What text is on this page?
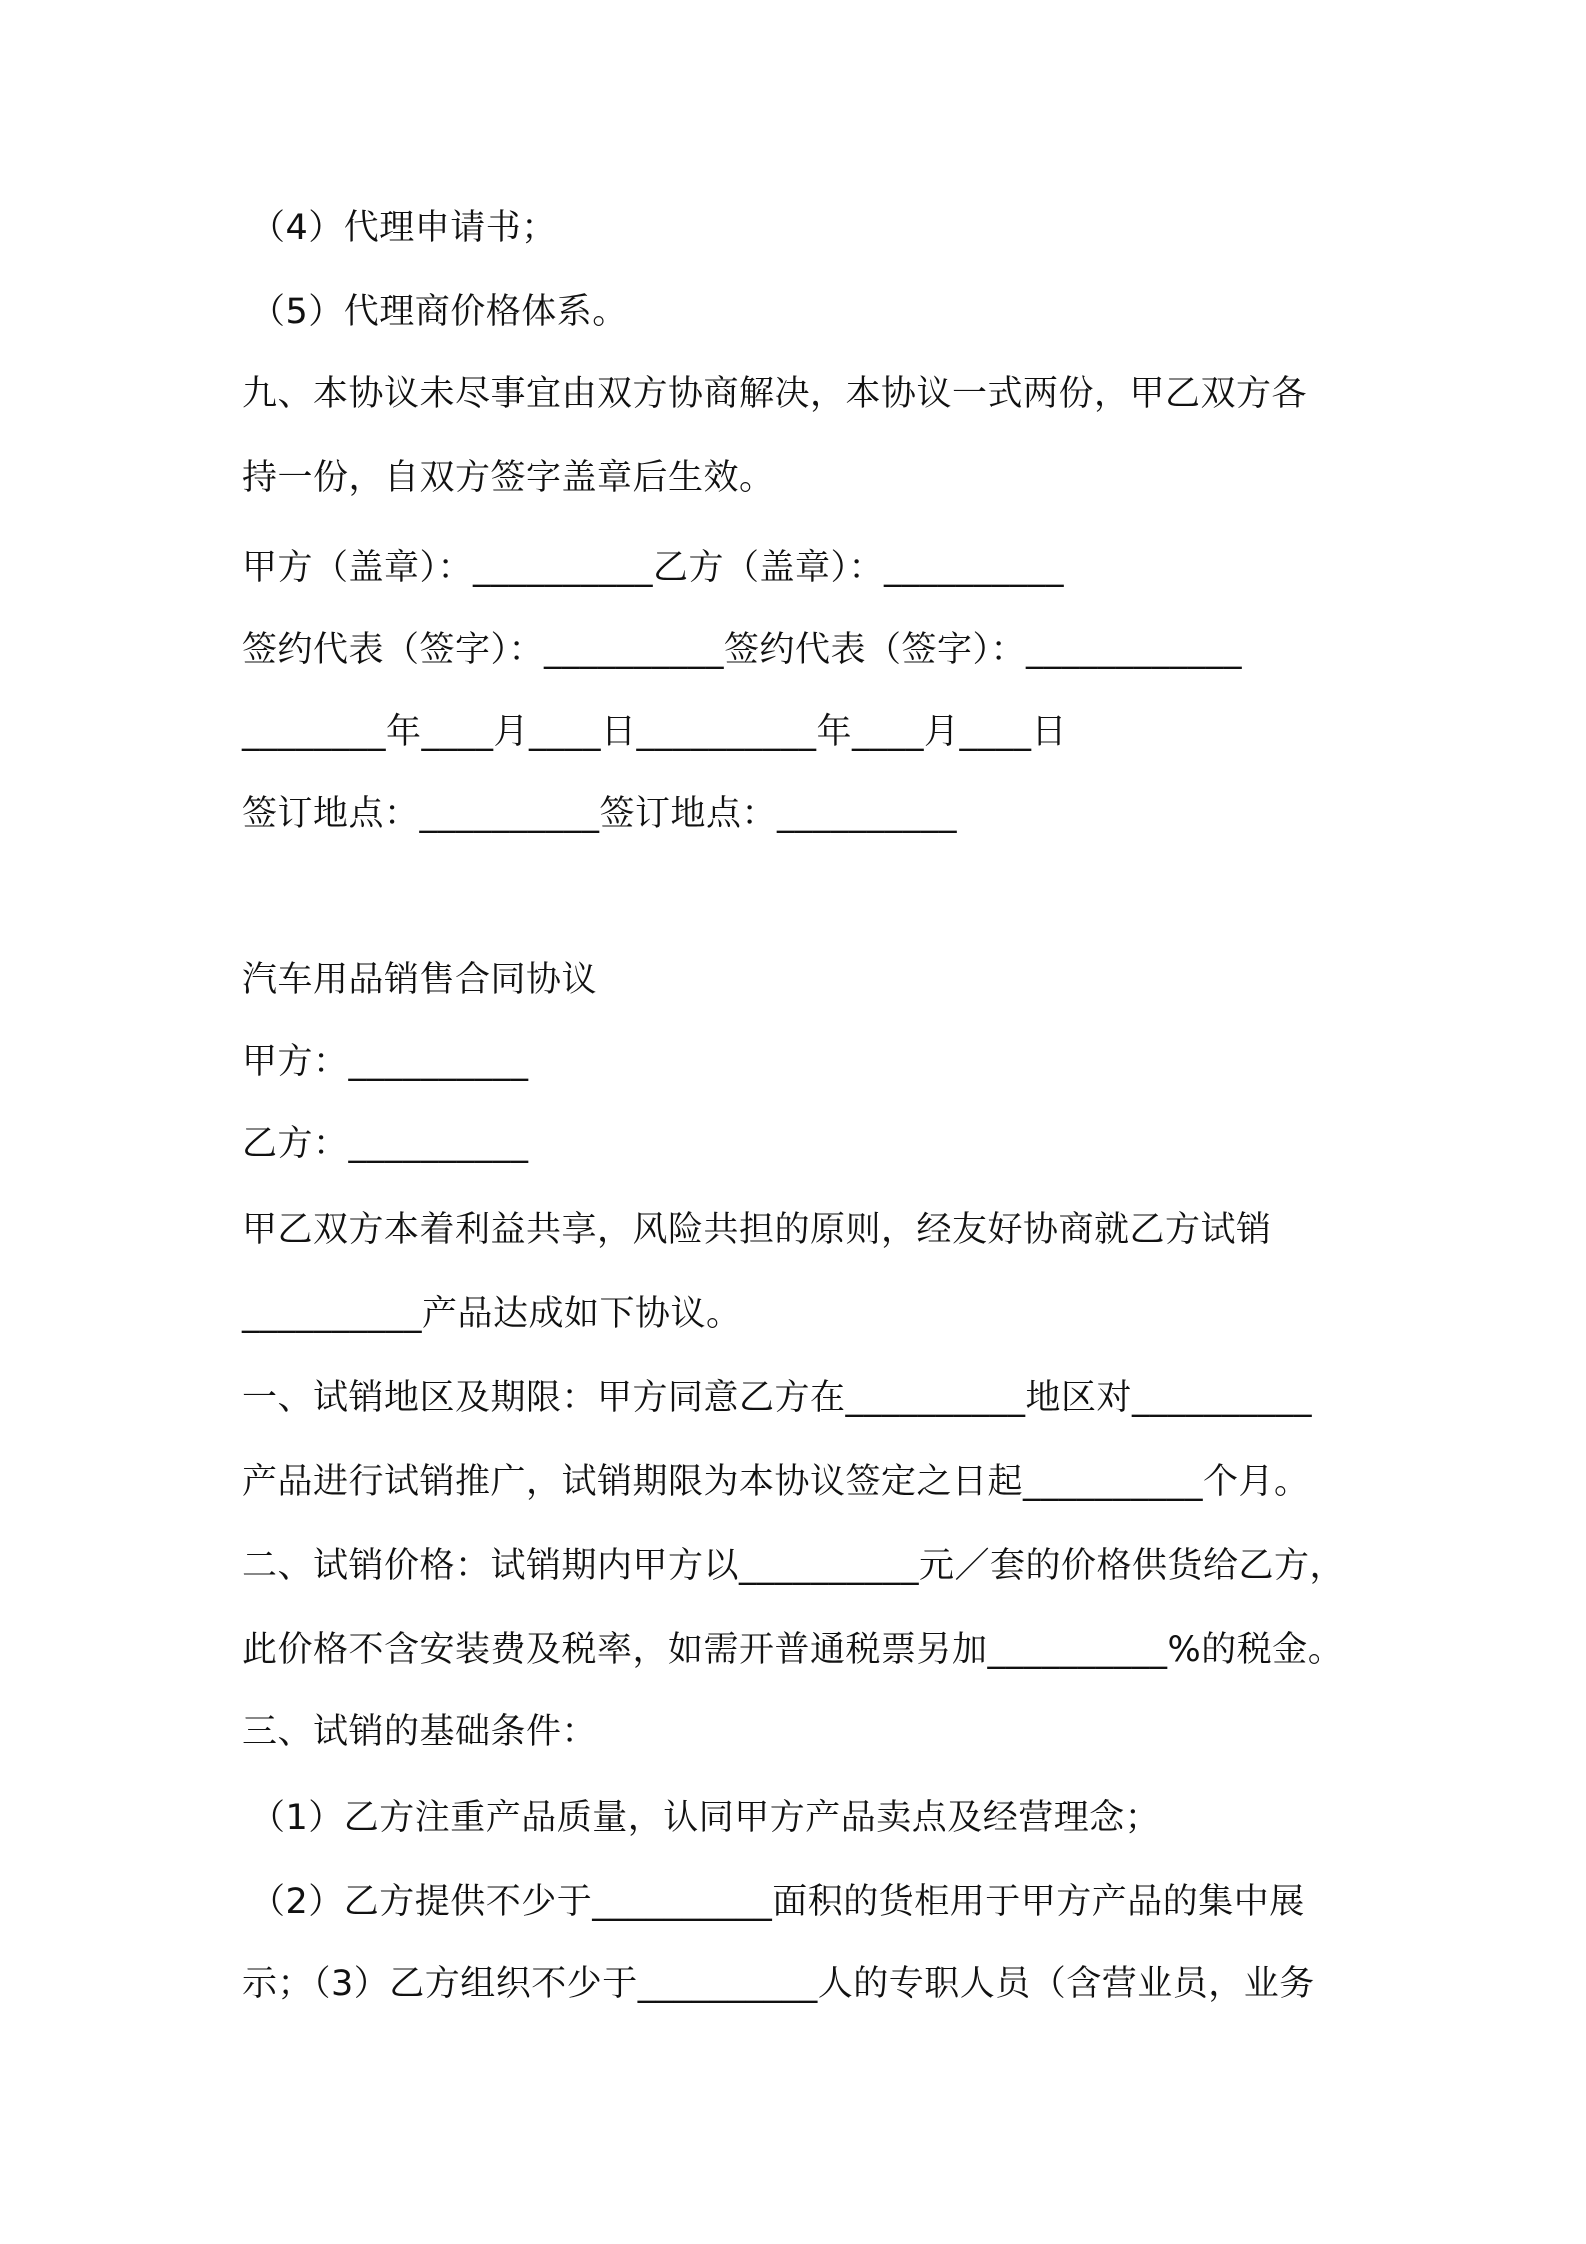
（4）代理申请书；
（5）代理商价格体系。
九、本协议未尽事宜由双方协商解决，本协议一式两份，甲乙双方各
持一份，自双方签字盖章后生效。
甲方（盖章）：__________乙方（盖章）：__________
签约代表（签字）：__________签约代表（签字）：____________
________年____月____日__________年____月____日
签订地点：__________签订地点：__________
汽车用品销售合同协议
甲方：__________
乙方：__________
甲乙双方本着利益共享，风险共担的原则，经友好协商就乙方试销
__________产品达成如下协议。
一、试销地区及期限：甲方同意乙方在__________地区对__________
产品进行试销推广，试销期限为本协议签定之日起__________个月。
二、试销价格：试销期内甲方以__________元／套的价格供货给乙方，
此价格不含安装费及税率，如需开普通税票另加__________%的税金。
三、试销的基础条件：
（1）乙方注重产品质量，认同甲方产品卖点及经营理念；
（2）乙方提供不少于__________面积的货柜用于甲方产品的集中展
示；（3）乙方组织不少于__________人的专职人员（含营业员，业务
